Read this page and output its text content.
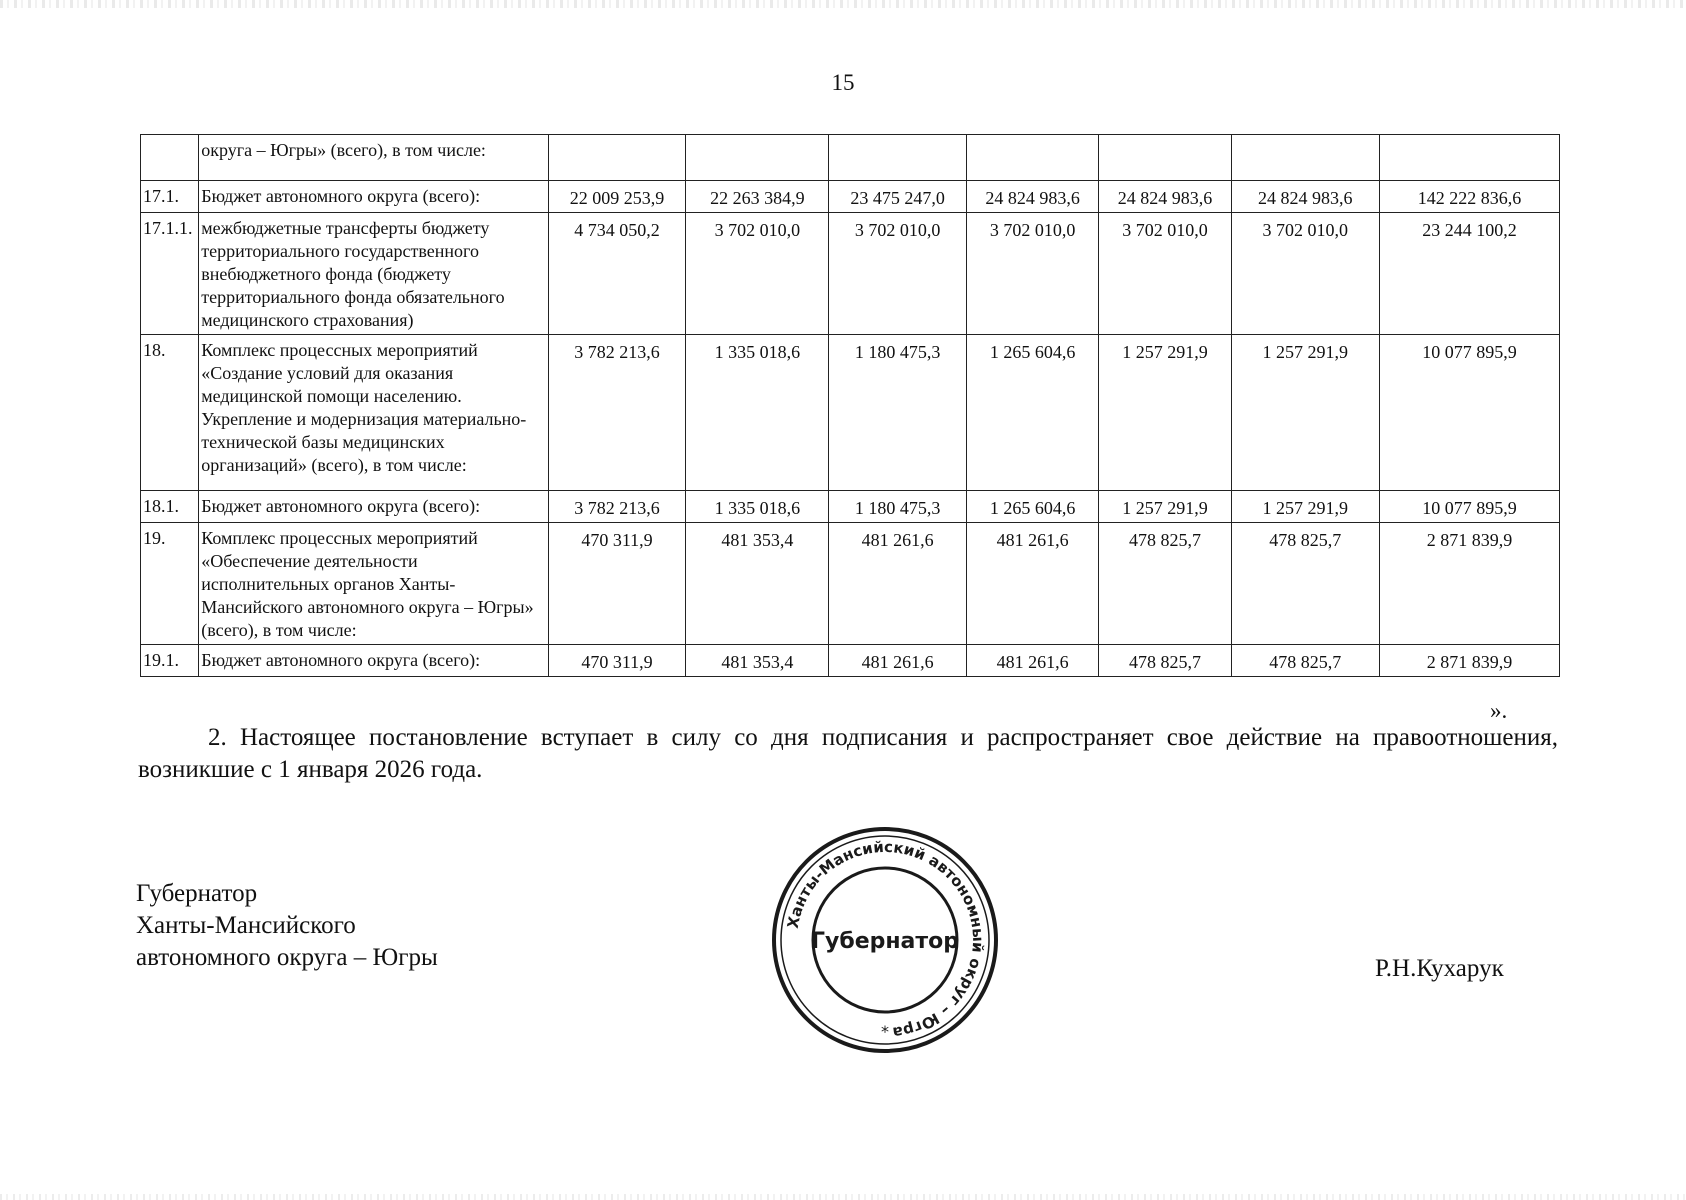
15
	округа – Югры» (всего), в том числе:							
17.1.	Бюджет автономного округа (всего):	22 009 253,9	22 263 384,9	23 475 247,0	24 824 983,6	24 824 983,6	24 824 983,6	142 222 836,6
17.1.1.	межбюджетные трансферты бюджету территориального государственного внебюджетного фонда (бюджету территориального фонда обязательного медицинского страхования)	4 734 050,2	3 702 010,0	3 702 010,0	3 702 010,0	3 702 010,0	3 702 010,0	23 244 100,2
18.	Комплекс процессных мероприятий «Создание условий для оказания медицинской помощи населению. Укрепление и модернизация материально-технической базы медицинских организаций» (всего), в том числе:	3 782 213,6	1 335 018,6	1 180 475,3	1 265 604,6	1 257 291,9	1 257 291,9	10 077 895,9
18.1.	Бюджет автономного округа (всего):	3 782 213,6	1 335 018,6	1 180 475,3	1 265 604,6	1 257 291,9	1 257 291,9	10 077 895,9
19.	Комплекс процессных мероприятий «Обеспечение деятельности исполнительных органов Ханты-Мансийского автономного округа – Югры» (всего), в том числе:	470 311,9	481 353,4	481 261,6	481 261,6	478 825,7	478 825,7	2 871 839,9
19.1.	Бюджет автономного округа (всего):	470 311,9	481 353,4	481 261,6	481 261,6	478 825,7	478 825,7	2 871 839,9
».
2. Настоящее постановление вступает в силу со дня подписания и распространяет свое действие на правоотношения, возникшие с 1 января 2026 года.
Губернатор
Ханты-Мансийского
автономного округа – Югры	Р.Н.Кухарук
Ханты-Мансийский автономный округ – Югра
Губернатор
*
